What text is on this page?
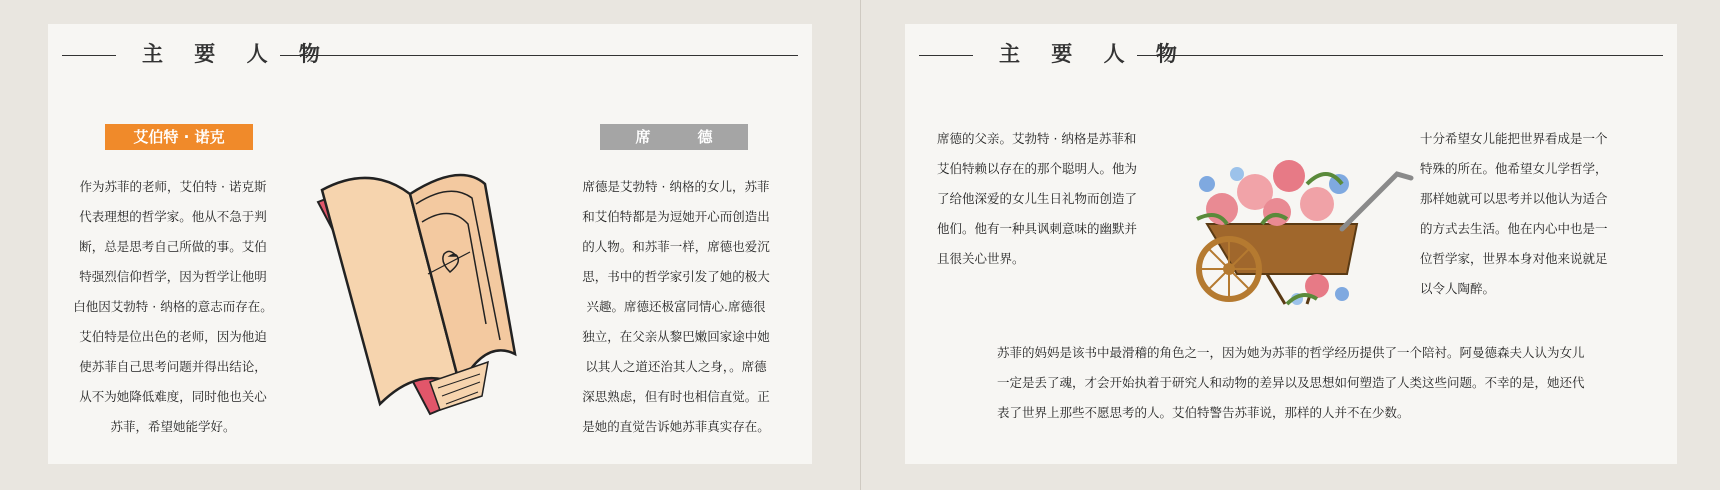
主 要 人 物
艾伯特 · 诺克	席         德
作为苏菲的老师，艾伯特 · 诺克斯
代表理想的哲学家。他从不急于判
断，总是思考自己所做的事。艾伯
特强烈信仰哲学，因为哲学让他明
白他因艾勃特 · 纳格的意志而存在。
艾伯特是位出色的老师，因为他迫
使苏菲自己思考问题并得出结论，
从不为她降低难度，同时他也关心
苏菲，希望她能学好。
席德是艾勃特 · 纳格的女儿，苏菲
和艾伯特都是为逗她开心而创造出
的人物。和苏菲一样，席德也爱沉
思，书中的哲学家引发了她的极大
兴趣。席德还极富同情心.席德很
独立，在父亲从黎巴嫩回家途中她
以其人之道还治其人之身，。席德
深思熟虑，但有时也相信直觉。正
是她的直觉告诉她苏菲真实存在。
主 要 人 物
席德的父亲。艾勃特 · 纳格是苏菲和
艾伯特赖以存在的那个聪明人。他为
了给他深爱的女儿生日礼物而创造了
他们。他有一种具讽刺意味的幽默并
且很关心世界。
十分希望女儿能把世界看成是一个
特殊的所在。他希望女儿学哲学，
那样她就可以思考并以他认为适合
的方式去生活。他在内心中也是一
位哲学家，世界本身对他来说就足
以令人陶醉。
苏菲的妈妈是该书中最滑稽的角色之一，因为她为苏菲的哲学经历提供了一个陪衬。阿曼德森夫人认为女儿
一定是丢了魂，才会开始执着于研究人和动物的差异以及思想如何塑造了人类这些问题。不幸的是，她还代
表了世界上那些不愿思考的人。艾伯特警告苏菲说，那样的人并不在少数。
